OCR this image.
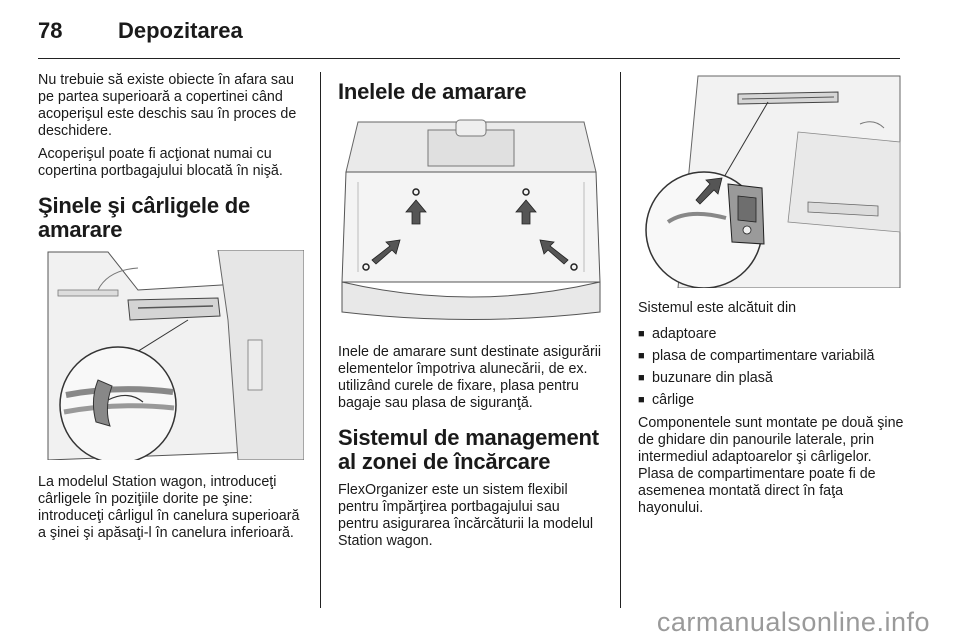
78	Depozitarea

Nu trebuie să existe obiecte în afara sau pe partea superioară a copertinei când acoperişul este deschis sau în proces de deschidere.

Acoperişul poate fi acţionat numai cu copertina portbagajului blocată în nişă.

Şinele şi cârligele de amarare

La modelul Station wagon, introduceţi cârligele în poziţiile dorite pe şine: introduceţi cârligul în canelura superioară a şinei şi apăsaţi-l în canelura inferioară.

Inelele de amarare

Inele de amarare sunt destinate asigurării elementelor împotriva alunecării, de ex. utilizând curele de fixare, plasa pentru bagaje sau plasa de siguranţă.

Sistemul de management al zonei de încărcare

FlexOrganizer este un sistem flexibil pentru împărţirea portbagajului sau pentru asigurarea încărcăturii la modelul Station wagon.

Sistemul este alcătuit din

■ adaptoare
■ plasa de compartimentare variabilă
■ buzunare din plasă
■ cârlige

Componentele sunt montate pe două şine de ghidare din panourile laterale, prin intermediul adaptoarelor şi cârligelor. Plasa de compartimentare poate fi de asemenea montată direct în faţa hayonului.

carmanualsonline.info
